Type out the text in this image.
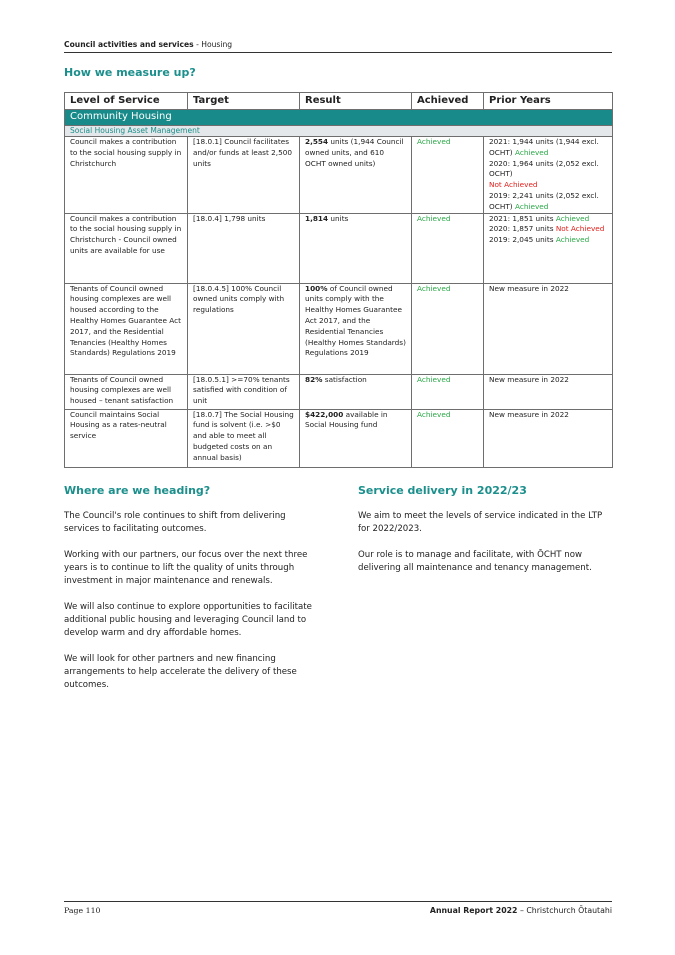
Council activities and services - Housing
How we measure up?
Level of Service	Target	Result	Achieved	Prior Years
Community Housing				
Social Housing Asset Management				
Council makes a contribution to the social housing supply in Christchurch	[18.0.1] Council facilitates and/or funds at least 2,500 units	2,554 units (1,944 Council owned units, and 610 OCHT owned units)	Achieved	2021: 1,944 units (1,944 excl. OCHT) Achieved
2020: 1,964 units (2,052 excl. OCHT)
Not Achieved
2019: 2,241 units (2,052 excl. OCHT) Achieved

Council makes a contribution to the social housing supply in Christchurch - Council owned units are available for use	[18.0.4] 1,798 units	1,814 units	Achieved	2021: 1,851 units Achieved
2020: 1,857 units Not Achieved
2019: 2,045 units Achieved

Tenants of Council owned housing complexes are well housed according to the Healthy Homes Guarantee Act 2017, and the Residential Tenancies (Healthy Homes Standards) Regulations 2019	[18.0.4.5] 100% Council owned units comply with regulations	100% of Council owned units comply with the Healthy Homes Guarantee Act 2017, and the Residential Tenancies (Healthy Homes Standards) Regulations 2019	Achieved	New measure in 2022
Tenants of Council owned housing complexes are well housed – tenant satisfaction	[18.0.5.1] >=70% tenants satisfied with condition of unit	82% satisfaction	Achieved	New measure in 2022
Council maintains Social Housing as a rates-neutral service	[18.0.7] The Social Housing fund is solvent (i.e. >$0 and able to meet all budgeted costs on an annual basis)	$422,000 available in Social Housing fund	Achieved	New measure in 2022
Where are we heading?

The Council's role continues to shift from delivering services to facilitating outcomes.

Working with our partners, our focus over the next three years is to continue to lift the quality of units through investment in major maintenance and renewals.

We will also continue to explore opportunities to facilitate additional public housing and leveraging Council land to develop warm and dry affordable homes.

We will look for other partners and new financing arrangements to help accelerate the delivery of these outcomes.

Service delivery in 2022/23

We aim to meet the levels of service indicated in the LTP for 2022/2023.

Our role is to manage and facilitate, with ŌCHT now delivering all maintenance and tenancy management.

Page 110	Annual Report 2022 – Christchurch Ōtautahi
